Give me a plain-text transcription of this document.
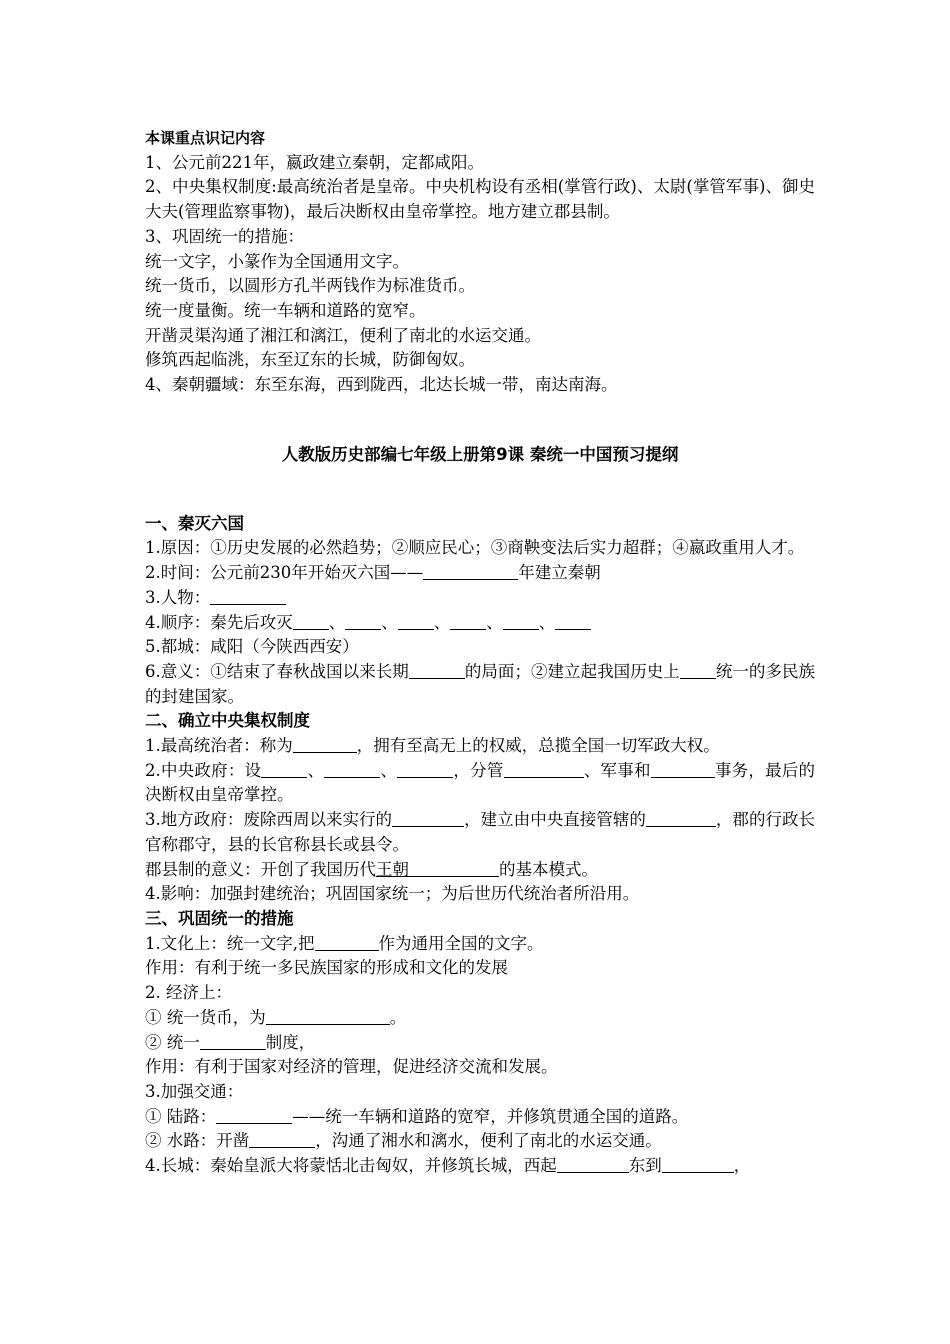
本课重点识记内容
1、公元前221年，嬴政建立秦朝，定都咸阳。
2、中央集权制度:最高统治者是皇帝。中央机构设有丞相(掌管行政)、太尉(掌管军事)、御史大夫(管理监察事物)，最后决断权由皇帝掌控。地方建立郡县制。
3、巩固统一的措施：
统一文字，小篆作为全国通用文字。
统一货币，以圆形方孔半两钱作为标准货币。
统一度量衡。统一车辆和道路的宽窄。
开凿灵渠沟通了湘江和漓江，便利了南北的水运交通。
修筑西起临洮，东至辽东的长城，防御匈奴。
4、秦朝疆域：东至东海，西到陇西，北达长城一带，南达南海。
人教版历史部编七年级上册第9课 秦统一中国预习提纲
一、秦灭六国
1.原因：①历史发展的必然趋势；②顺应民心；③商鞅变法后实力超群；④嬴政重用人才。
2.时间：公元前230年开始灭六国——	年建立秦朝
3.人物：
4.顺序：秦先后攻灭 、 、 、 、 、
5.都城：咸阳（今陕西西安）
6.意义：①结束了春秋战国以来长期	的局面；②建立起我国历史上 统一的多民族的封建国家。
二、确立中央集权制度
1.最高统治者：称为	，拥有至高无上的权威，总揽全国一切军政大权。
2.中央政府：设	、	、	，分管	、军事和	事务，最后的决断权由皇帝掌控。
3.地方政府：废除西周以来实行的	，建立由中央直接管辖的	，郡的行政长官称郡守，县的长官称县长或县令。
郡县制的意义：开创了我国历代王朝	的基本模式。
4.影响：加强封建统治；巩固国家统一；为后世历代统治者所沿用。
三、巩固统一的措施
1.文化上：统一文字,把	作为通用全国的文字。
作用：有利于统一多民族国家的形成和文化的发展
2. 经济上：
① 统一货币，为	。
② 统一	制度，
作用：有利于国家对经济的管理，促进经济交流和发展。
3.加强交通：
① 陆路：	——统一车辆和道路的宽窄，并修筑贯通全国的道路。
② 水路：开凿	，沟通了湘水和漓水，便利了南北的水运交通。
4.长城：秦始皇派大将蒙恬北击匈奴，并修筑长城，西起	东到	，
